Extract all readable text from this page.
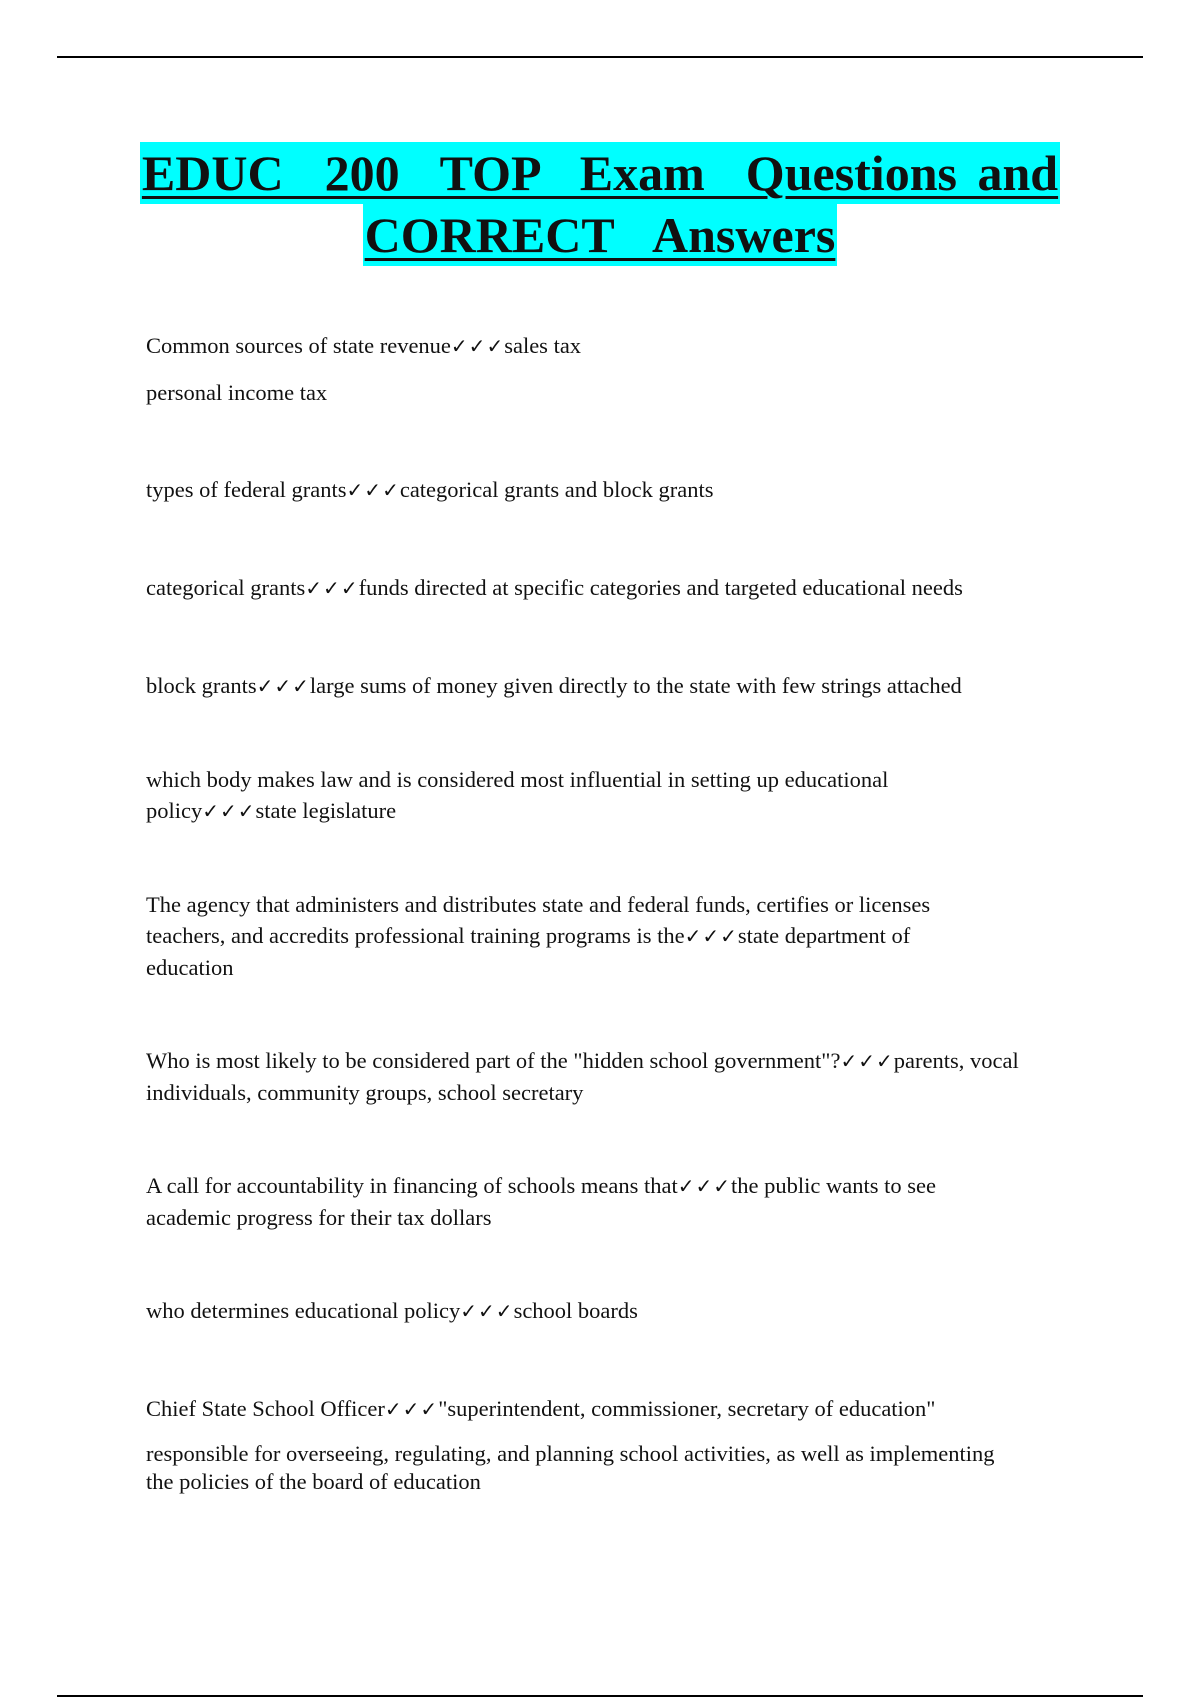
EDUC  200  TOP  Exam  Questions and
CORRECT  Answers

Common sources of state revenue✓✓✓sales tax

personal income tax

types of federal grants✓✓✓categorical grants and block grants

categorical grants✓✓✓funds directed at specific categories and targeted educational needs

block grants✓✓✓large sums of money given directly to the state with few strings attached

which body makes law and is considered most influential in setting up educational policy✓✓✓state legislature

The agency that administers and distributes state and federal funds, certifies or licenses teachers, and accredits professional training programs is the✓✓✓state department of education

Who is most likely to be considered part of the "hidden school government"?✓✓✓parents, vocal individuals, community groups, school secretary

A call for accountability in financing of schools means that✓✓✓the public wants to see academic progress for their tax dollars

who determines educational policy✓✓✓school boards

Chief State School Officer✓✓✓"superintendent, commissioner, secretary of education"

responsible for overseeing, regulating, and planning school activities, as well as implementing the policies of the board of education
